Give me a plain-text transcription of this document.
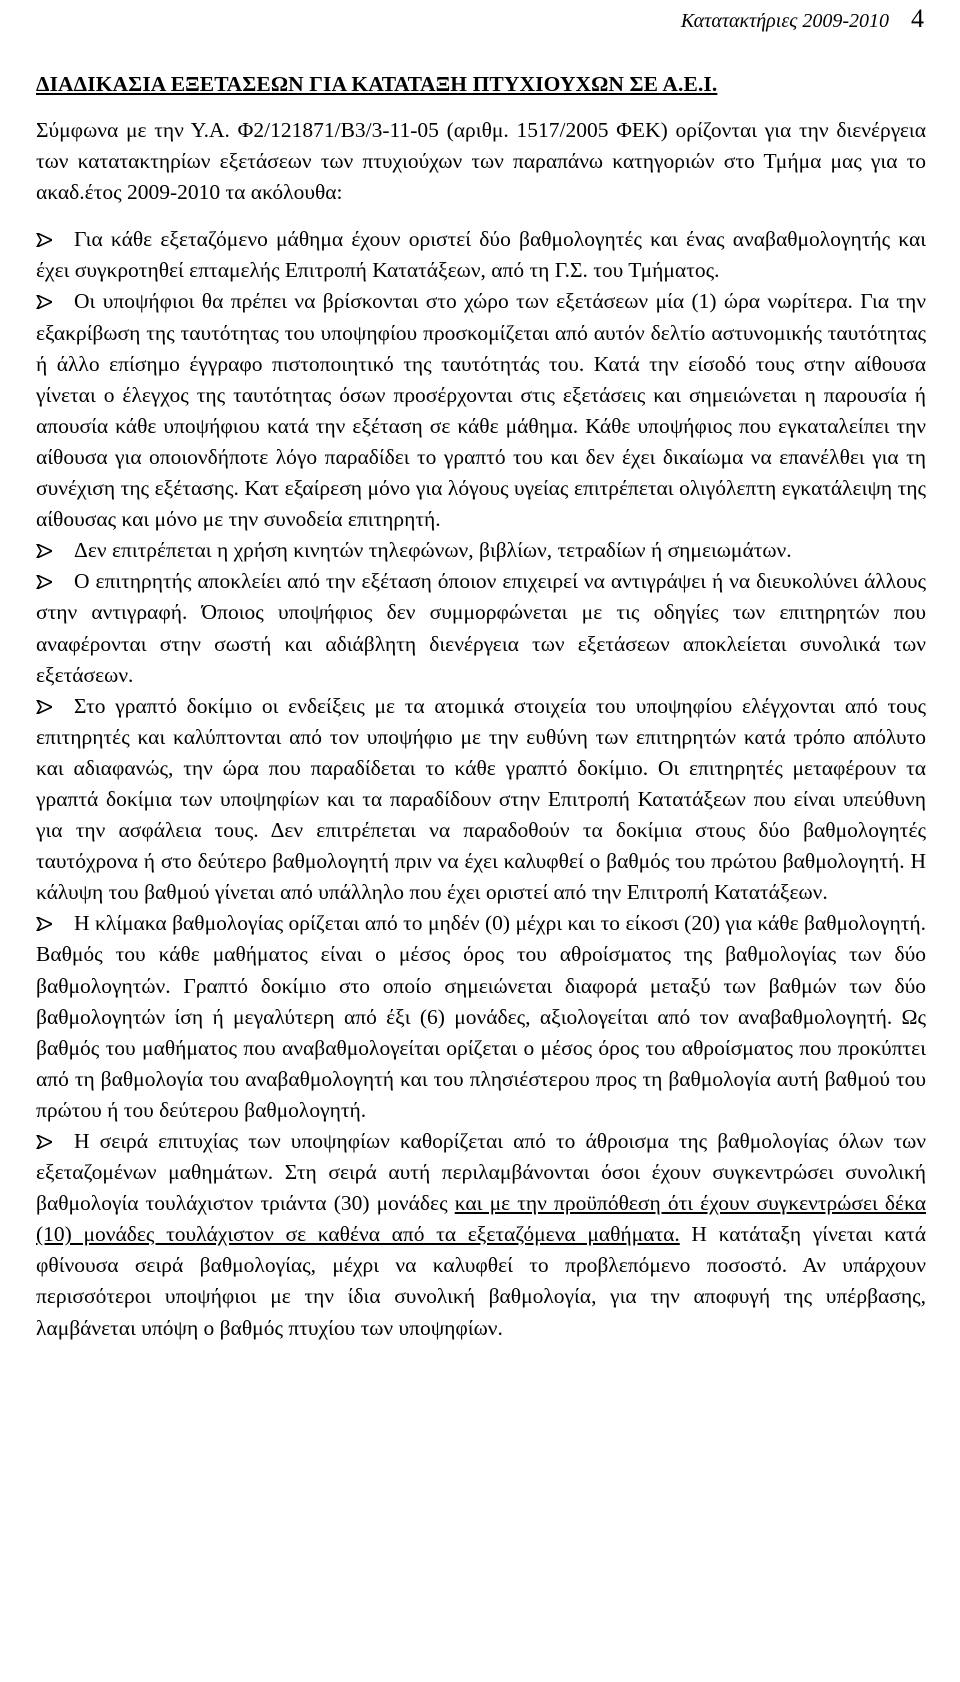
Κατατακτήριες 2009-2010 4
ΔΙΑΔΙΚΑΣΙΑ ΕΞΕΤΑΣΕΩΝ ΓΙΑ ΚΑΤΑΤΑΞΗ ΠΤΥΧΙΟΥΧΩΝ ΣΕ Α.Ε.Ι.

Σύμφωνα με την Υ.Α. Φ2/121871/Β3/3-11-05 (αριθμ. 1517/2005 ΦΕΚ) ορίζονται για την διενέργεια των κατατακτηρίων εξετάσεων των πτυχιούχων των παραπάνω κατηγοριών στο Τμήμα μας για το ακαδ.έτος 2009-2010 τα ακόλουθα:

Για κάθε εξεταζόμενο μάθημα έχουν οριστεί δύο βαθμολογητές και ένας αναβαθμολογητής και έχει συγκροτηθεί επταμελής Επιτροπή Κατατάξεων, από τη Γ.Σ. του Τμήματος.
Οι υποψήφιοι θα πρέπει να βρίσκονται στο χώρο των εξετάσεων μία (1) ώρα νωρίτερα. Για την εξακρίβωση της ταυτότητας του υποψηφίου προσκομίζεται από αυτόν δελτίο αστυνομικής ταυτότητας ή άλλο επίσημο έγγραφο πιστοποιητικό της ταυτότητάς του. Κατά την είσοδό τους στην αίθουσα γίνεται ο έλεγχος της ταυτότητας όσων προσέρχονται στις εξετάσεις και σημειώνεται η παρουσία ή απουσία κάθε υποψήφιου κατά την εξέταση σε κάθε μάθημα. Κάθε υποψήφιος που εγκαταλείπει την αίθουσα για οποιονδήποτε λόγο παραδίδει το γραπτό του και δεν έχει δικαίωμα να επανέλθει για τη συνέχιση της εξέτασης. Κατ εξαίρεση μόνο για λόγους υγείας επιτρέπεται ολιγόλεπτη εγκατάλειψη της αίθουσας και μόνο με την συνοδεία επιτηρητή.
Δεν επιτρέπεται η χρήση κινητών τηλεφώνων, βιβλίων, τετραδίων ή σημειωμάτων.
Ο επιτηρητής αποκλείει από την εξέταση όποιον επιχειρεί να αντιγράψει ή να διευκολύνει άλλους στην αντιγραφή. Όποιος υποψήφιος δεν συμμορφώνεται με τις οδηγίες των επιτηρητών που αναφέρονται στην σωστή και αδιάβλητη διενέργεια των εξετάσεων αποκλείεται συνολικά των εξετάσεων.
Στο γραπτό δοκίμιο οι ενδείξεις με τα ατομικά στοιχεία του υποψηφίου ελέγχονται από τους επιτηρητές και καλύπτονται από τον υποψήφιο με την ευθύνη των επιτηρητών κατά τρόπο απόλυτο και αδιαφανώς, την ώρα που παραδίδεται το κάθε γραπτό δοκίμιο. Οι επιτηρητές μεταφέρουν τα γραπτά δοκίμια των υποψηφίων και τα παραδίδουν στην Επιτροπή Κατατάξεων που είναι υπεύθυνη για την ασφάλεια τους. Δεν επιτρέπεται να παραδοθούν τα δοκίμια στους δύο βαθμολογητές ταυτόχρονα ή στο δεύτερο βαθμολογητή πριν να έχει καλυφθεί ο βαθμός του πρώτου βαθμολογητή. Η κάλυψη του βαθμού γίνεται από υπάλληλο που έχει οριστεί από την Επιτροπή Κατατάξεων.
Η κλίμακα βαθμολογίας ορίζεται από το μηδέν (0) μέχρι και το είκοσι (20) για κάθε βαθμολογητή. Βαθμός του κάθε μαθήματος είναι ο μέσος όρος του αθροίσματος της βαθμολογίας των δύο βαθμολογητών. Γραπτό δοκίμιο στο οποίο σημειώνεται διαφορά μεταξύ των βαθμών των δύο βαθμολογητών ίση ή μεγαλύτερη από έξι (6) μονάδες, αξιολογείται από τον αναβαθμολογητή. Ως βαθμός του μαθήματος που αναβαθμολογείται ορίζεται ο μέσος όρος του αθροίσματος που προκύπτει από τη βαθμολογία του αναβαθμολογητή και του πλησιέστερου προς τη βαθμολογία αυτή βαθμού του πρώτου ή του δεύτερου βαθμολογητή.
Η σειρά επιτυχίας των υποψηφίων καθορίζεται από το άθροισμα της βαθμολογίας όλων των εξεταζομένων μαθημάτων. Στη σειρά αυτή περιλαμβάνονται όσοι έχουν συγκεντρώσει συνολική βαθμολογία τουλάχιστον τριάντα (30) μονάδες και με την προϋπόθεση ότι έχουν συγκεντρώσει δέκα (10) μονάδες τουλάχιστον σε καθένα από τα εξεταζόμενα μαθήματα. Η κατάταξη γίνεται κατά φθίνουσα σειρά βαθμολογίας, μέχρι να καλυφθεί το προβλεπόμενο ποσοστό. Αν υπάρχουν περισσότεροι υποψήφιοι με την ίδια συνολική βαθμολογία, για την αποφυγή της υπέρβασης, λαμβάνεται υπόψη ο βαθμός πτυχίου των υποψηφίων.
